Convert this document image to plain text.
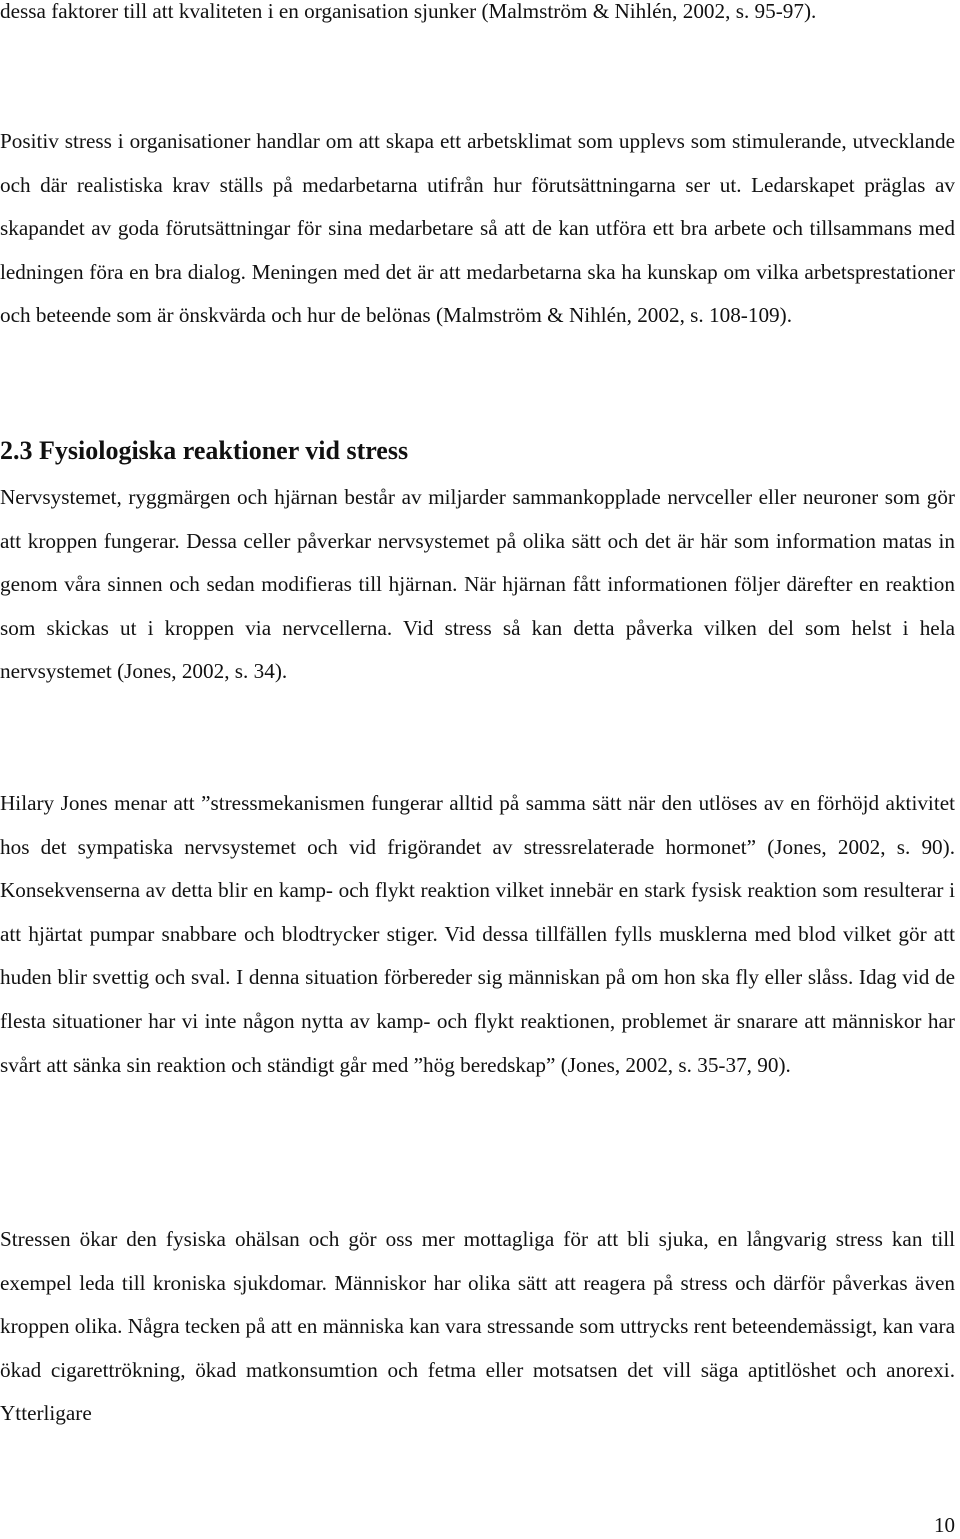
dessa faktorer till att kvaliteten i en organisation sjunker (Malmström & Nihlén, 2002, s. 95-97).

Positiv stress i organisationer handlar om att skapa ett arbetsklimat som upplevs som stimulerande, utvecklande och där realistiska krav ställs på medarbetarna utifrån hur förutsättningarna ser ut. Ledarskapet präglas av skapandet av goda förutsättningar för sina medarbetare så att de kan utföra ett bra arbete och tillsammans med ledningen föra en bra dialog. Meningen med det är att medarbetarna ska ha kunskap om vilka arbetsprestationer och beteende som är önskvärda och hur de belönas (Malmström & Nihlén, 2002, s. 108-109).

2.3 Fysiologiska reaktioner vid stress

Nervsystemet, ryggmärgen och hjärnan består av miljarder sammankopplade nervceller eller neuroner som gör att kroppen fungerar. Dessa celler påverkar nervsystemet på olika sätt och det är här som information matas in genom våra sinnen och sedan modifieras till hjärnan. När hjärnan fått informationen följer därefter en reaktion som skickas ut i kroppen via nervcellerna. Vid stress så kan detta påverka vilken del som helst i hela nervsystemet (Jones, 2002, s. 34).

Hilary Jones menar att ”stressmekanismen fungerar alltid på samma sätt när den utlöses av en förhöjd aktivitet hos det sympatiska nervsystemet och vid frigörandet av stressrelaterade hormonet” (Jones, 2002, s. 90). Konsekvenserna av detta blir en kamp- och flykt reaktion vilket innebär en stark fysisk reaktion som resulterar i att hjärtat pumpar snabbare och blodtrycker stiger. Vid dessa tillfällen fylls musklerna med blod vilket gör att huden blir svettig och sval. I denna situation förbereder sig människan på om hon ska fly eller slåss. Idag vid de flesta situationer har vi inte någon nytta av kamp- och flykt reaktionen, problemet är snarare att människor har svårt att sänka sin reaktion och ständigt går med ”hög beredskap” (Jones, 2002, s. 35-37, 90).

Stressen ökar den fysiska ohälsan och gör oss mer mottagliga för att bli sjuka, en långvarig stress kan till exempel leda till kroniska sjukdomar. Människor har olika sätt att reagera på stress och därför påverkas även kroppen olika. Några tecken på att en människa kan vara stressande som uttrycks rent beteendemässigt, kan vara ökad cigarettrökning, ökad matkonsumtion och fetma eller motsatsen det vill säga aptitlöshet och anorexi. Ytterligare

10
